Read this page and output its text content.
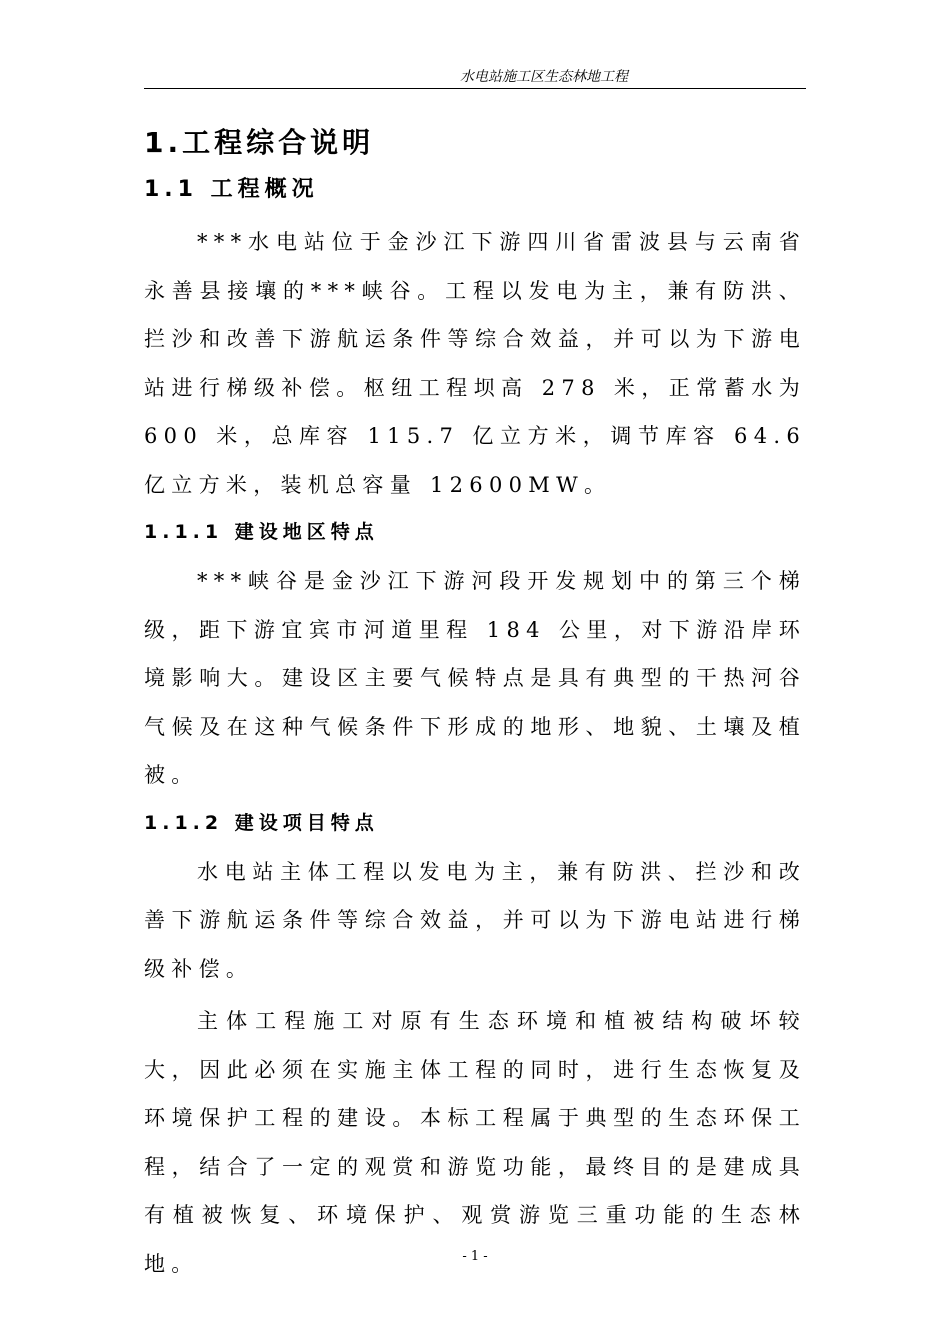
水电站施工区生态林地工程
1.工程综合说明
1.1 工程概况

***水电站位于金沙江下游四川省雷波县与云南省永善县接壤的***峡谷。工程以发电为主，兼有防洪、拦沙和改善下游航运条件等综合效益，并可以为下游电站进行梯级补偿。枢纽工程坝高 278 米，正常蓄水为 600 米，总库容 115.7 亿立方米，调节库容 64.6 亿立方米，装机总容量 12600MW。

1.1.1 建设地区特点

***峡谷是金沙江下游河段开发规划中的第三个梯级，距下游宜宾市河道里程 184 公里，对下游沿岸环境影响大。建设区主要气候特点是具有典型的干热河谷气候及在这种气候条件下形成的地形、地貌、土壤及植被。

1.1.2 建设项目特点

水电站主体工程以发电为主，兼有防洪、拦沙和改善下游航运条件等综合效益，并可以为下游电站进行梯级补偿。

主体工程施工对原有生态环境和植被结构破坏较大，因此必须在实施主体工程的同时，进行生态恢复及环境保护工程的建设。本标工程属于典型的生态环保工程，结合了一定的观赏和游览功能，最终目的是建成具有植被恢复、环境保护、观赏游览三重功能的生态林地。	- 1 -
